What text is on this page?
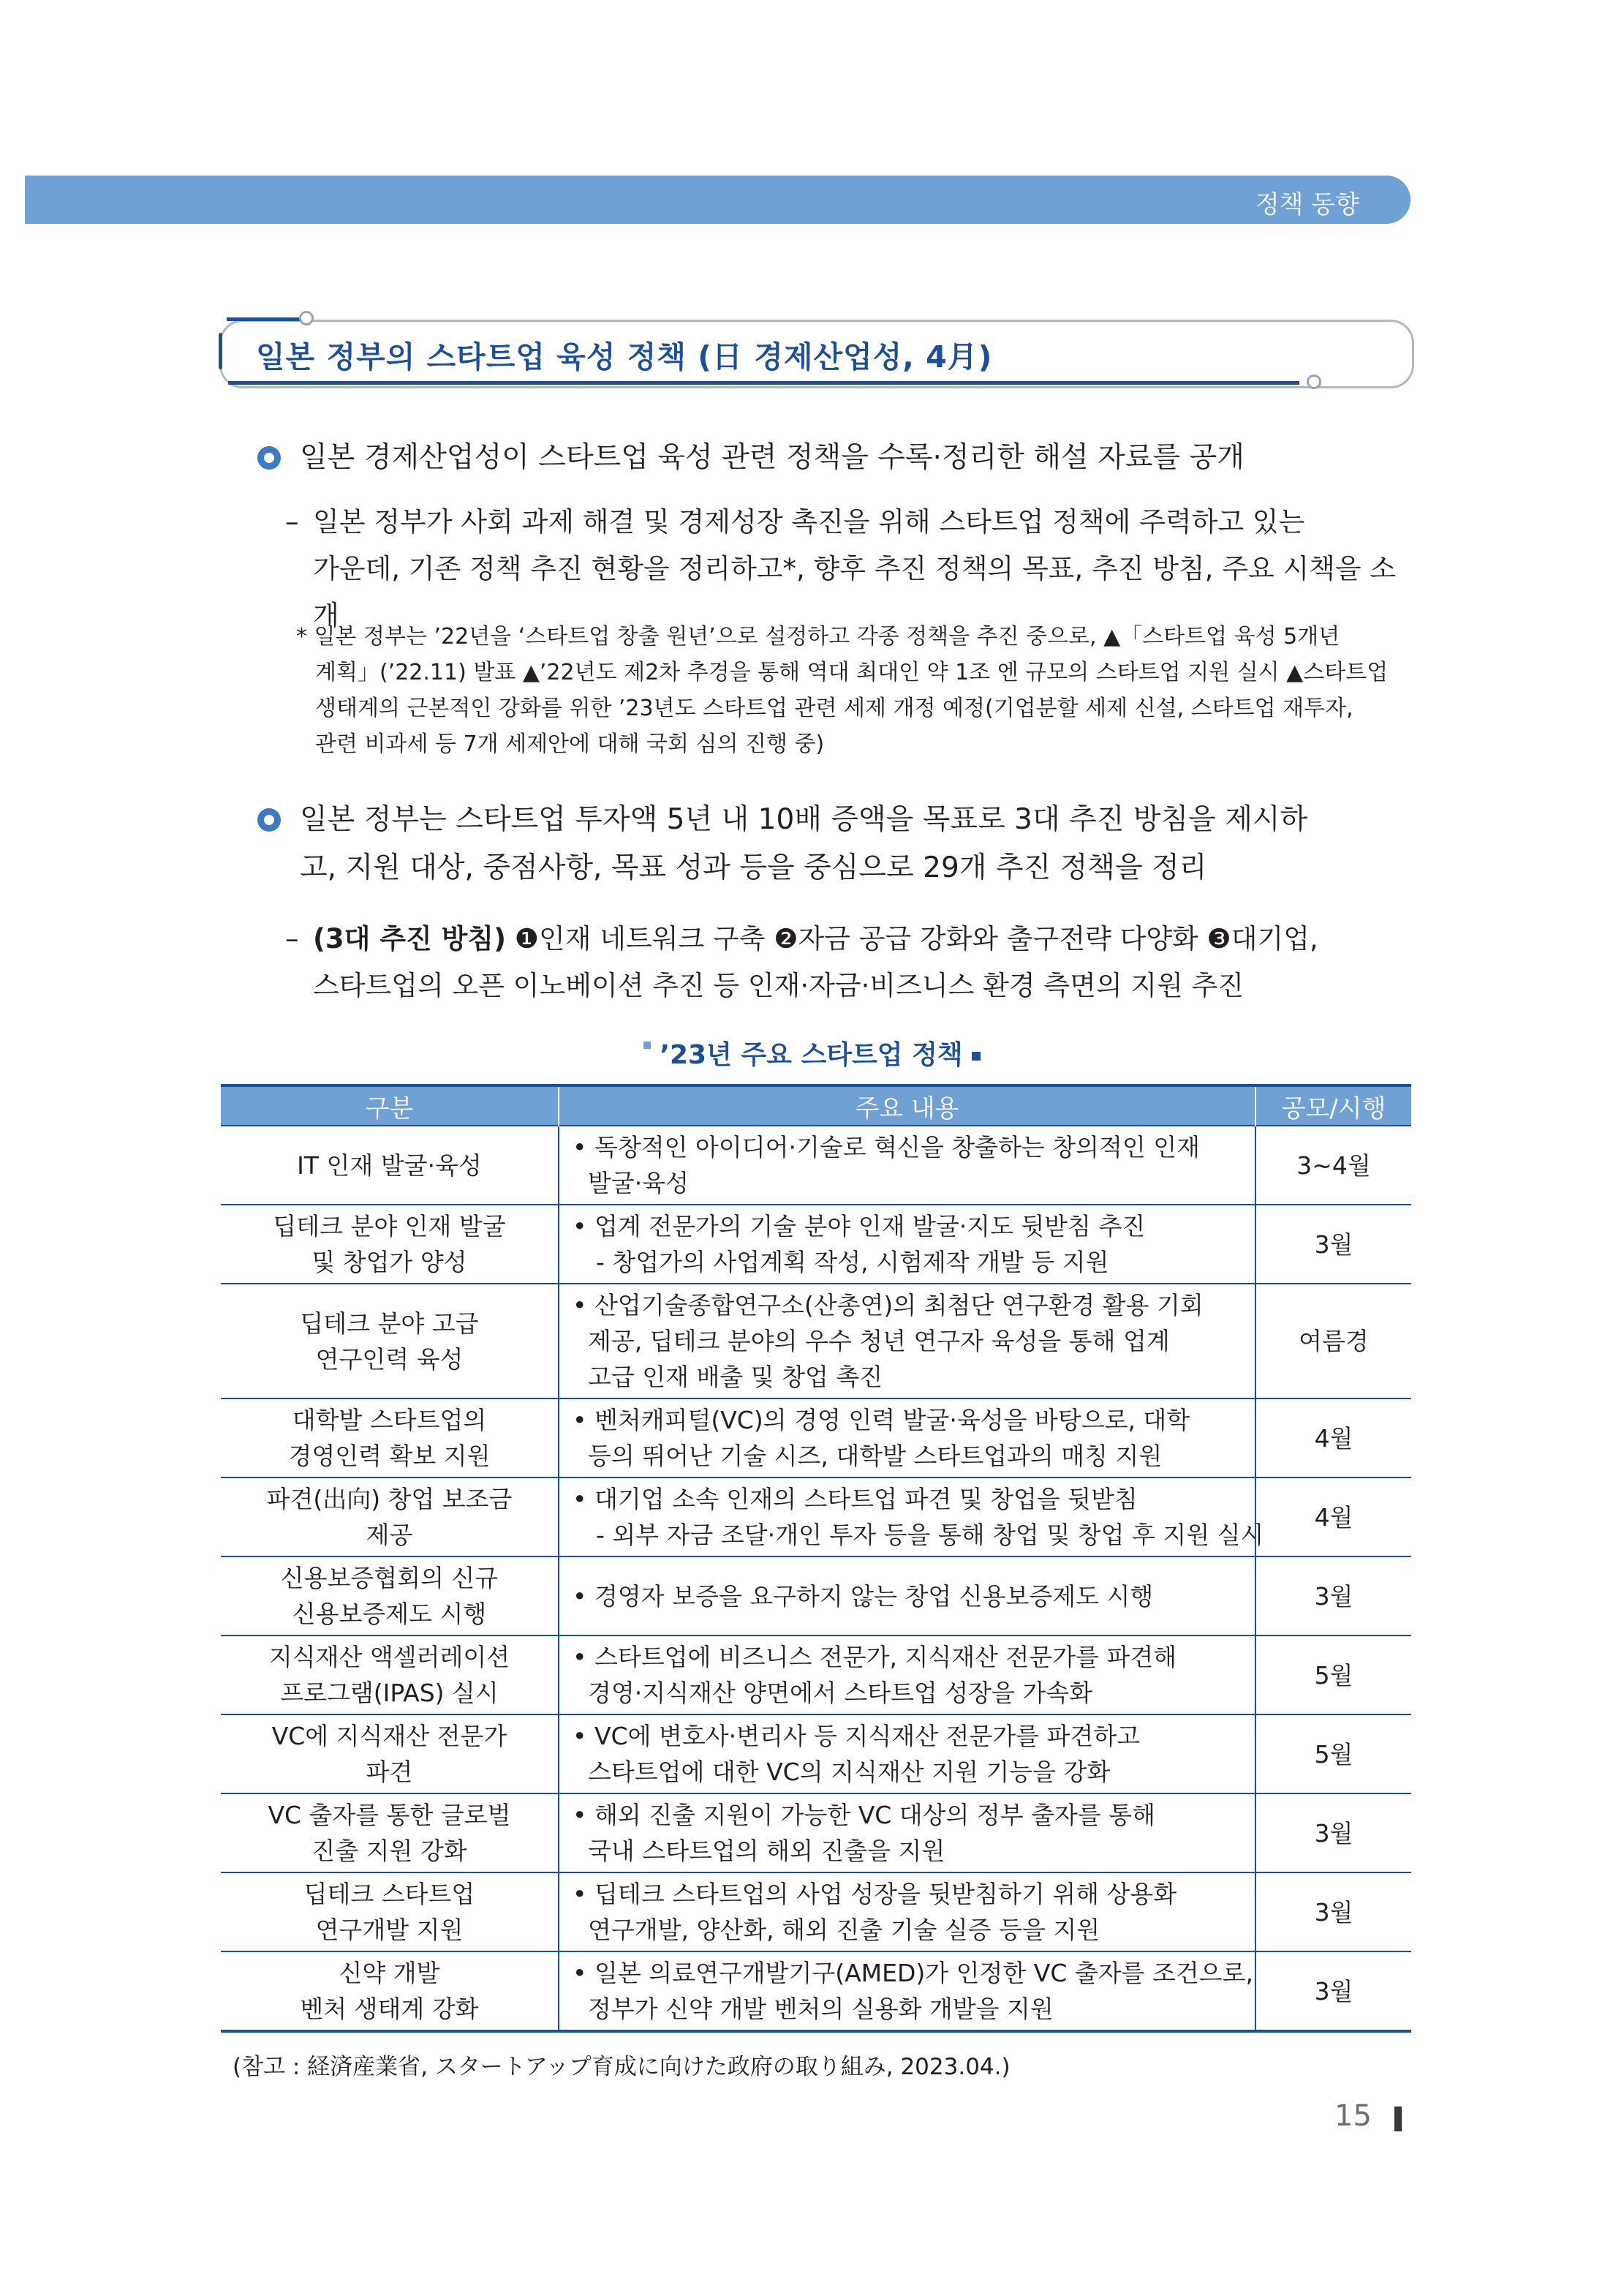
정책 동향
일본 정부의 스타트업 육성 정책 (日 경제산업성, 4月)
일본 경제산업성이 스타트업 육성 관련 정책을 수록·정리한 해설 자료를 공개
– 일본 정부가 사회 과제 해결 및 경제성장 촉진을 위해 스타트업 정책에 주력하고 있는
가운데, 기존 정책 추진 현황을 정리하고*, 향후 추진 정책의 목표, 추진 방침, 주요 시책을 소개
* 일본 정부는 ’22년을 ‘스타트업 창출 원년’으로 설정하고 각종 정책을 추진 중으로, ▲「스타트업 육성 5개년
계획」(’22.11) 발표 ▲’22년도 제2차 추경을 통해 역대 최대인 약 1조 엔 규모의 스타트업 지원 실시 ▲스타트업
생태계의 근본적인 강화를 위한 ’23년도 스타트업 관련 세제 개정 예정(기업분할 세제 신설, 스타트업 재투자,
관련 비과세 등 7개 세제안에 대해 국회 심의 진행 중)
일본 정부는 스타트업 투자액 5년 내 10배 증액을 목표로 3대 추진 방침을 제시하
고, 지원 대상, 중점사항, 목표 성과 등을 중심으로 29개 추진 정책을 정리
– (3대 추진 방침) ❶인재 네트워크 구축 ❷자금 공급 강화와 출구전략 다양화 ❸대기업,
스타트업의 오픈 이노베이션 추진 등 인재·자금·비즈니스 환경 측면의 지원 추진
’23년 주요 스타트업 정책
구분	주요 내용	공모/시행

IT 인재 발굴·육성	• 독창적인 아이디어·기술로 혁신을 창출하는 창의적인 인재
발굴·육성	3~4월

딥테크 분야 인재 발굴
및 창업가 양성	• 업계 전문가의 기술 분야 인재 발굴·지도 뒷받침 추진
- 창업가의 사업계획 작성, 시험제작 개발 등 지원	3월

딥테크 분야 고급
연구인력 육성	• 산업기술종합연구소(산총연)의 최첨단 연구환경 활용 기회
제공, 딥테크 분야의 우수 청년 연구자 육성을 통해 업계
고급 인재 배출 및 창업 촉진	여름경

대학발 스타트업의
경영인력 확보 지원	• 벤처캐피털(VC)의 경영 인력 발굴·육성을 바탕으로, 대학
등의 뛰어난 기술 시즈, 대학발 스타트업과의 매칭 지원	4월

파견(出向) 창업 보조금
제공	• 대기업 소속 인재의 스타트업 파견 및 창업을 뒷받침
- 외부 자금 조달·개인 투자 등을 통해 창업 및 창업 후 지원 실시	4월

신용보증협회의 신규
신용보증제도 시행	• 경영자 보증을 요구하지 않는 창업 신용보증제도 시행	3월

지식재산 액셀러레이션
프로그램(IPAS) 실시	• 스타트업에 비즈니스 전문가, 지식재산 전문가를 파견해
경영·지식재산 양면에서 스타트업 성장을 가속화	5월

VC에 지식재산 전문가
파견	• VC에 변호사·변리사 등 지식재산 전문가를 파견하고
스타트업에 대한 VC의 지식재산 지원 기능을 강화	5월

VC 출자를 통한 글로벌
진출 지원 강화	• 해외 진출 지원이 가능한 VC 대상의 정부 출자를 통해
국내 스타트업의 해외 진출을 지원	3월

딥테크 스타트업
연구개발 지원	• 딥테크 스타트업의 사업 성장을 뒷받침하기 위해 상용화
연구개발, 양산화, 해외 진출 기술 실증 등을 지원	3월

신약 개발
벤처 생태계 강화	• 일본 의료연구개발기구(AMED)가 인정한 VC 출자를 조건으로,
정부가 신약 개발 벤처의 실용화 개발을 지원	3월
(참고 : 経済産業省, スタートアップ育成に向けた政府の取り組み, 2023.04.)
15
